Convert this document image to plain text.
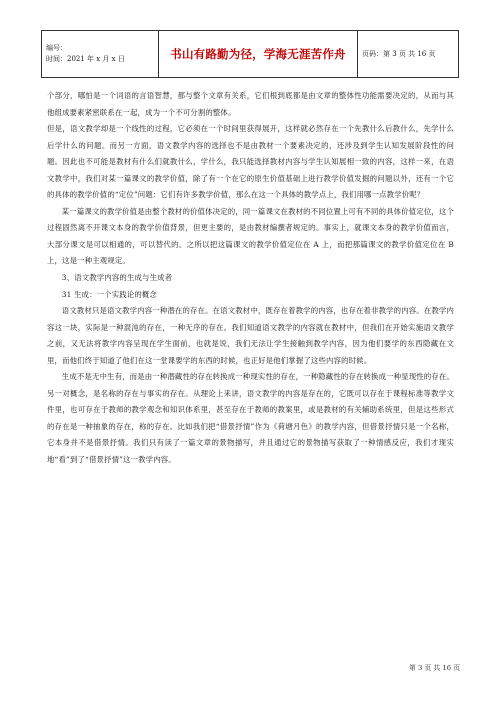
编号：
时间：2021 年 x 月 x 日	书山有路勤为径，学海无涯苦作舟	页码：第 3 页 共 16 页

个部分，哪怕是一个词语的言语智慧，都与整个文章有关系，它们根到底都是由文章的整体性功能需要决定的，从而与其他组成要素紧密联系在一起，成为一个不可分割的整体。

但是，语文教学却是一个线性的过程，它必须在一个时间里获得展开，这样就必然存在一个先教什么后教什么，先学什么后学什么的问题。而另一方面，语文教学内容的选择也不是由教材一个要素决定的，还涉及到学生认知发展阶段性的问题。因此也不可能是教材有什么们就教什么，学什么，我只能选择教材内容与学生认知展相一致的内容，这样一来，在语文教学中，我们对某一篇课文的教学价值，除了有一个在它的原生价值基础上进行教学价值发掘的问题以外，还有一个它的具体的教学价值的“定位”问题：它们有许多教学价值，那么在这一个具体的教学点上，我们用哪一点教学价呢？

某一篇课文的教学价值是由整个教材的价值体决定的，同一篇课文在教材的不同位置上可有不同的具体价值定位，这个过程固然离不开课文本身的教学价值背景，但更主要的，是由教材编撰者规定的。事实上，就课文本身的教学价值而言，大部分课文是可以相通的，可以替代的。之所以把这篇课文的教学价值定位在 A 上，而把那篇课文的教学价值定位在 B 上，这是一种主观规定。

3、语文教学内容的生成与生成者

31 生成：一个实践论的概念

语文教材只是语文教学内容一种潜在的存在。在语文教材中，既存在着教学的内容，也存在着非教学的内容。在教学内容这一块，实际是一种混沌的存在，一种无序的存在。我们知道语文教学的内容就在教材中，但我们在开始实施语文教学之前，又无法将教学内容呈现在学生面前，也就是说，我们无法让学生接触到教学内容，因为他们要学的东西隐藏在文里，而他们终于知道了他们在这一堂课要学的东西的时候，也正好是他们掌握了这些内容的时候。

生成不是无中生有，而是由一种潜藏性的存在转换成一种现实性的存在，一种隐藏性的存在转换成一种显现性的存在。另一对概念，是名称的存在与事实的存在。从理论上来讲，语文教学的内容是存在的，它既可以存在于课程标准等教学文件里，也可存在于教师的教学观念和知识体系里，甚至存在于教师的教案里，或是教材的有关辅助系统里，但是这些形式的存在是一种抽象的存在，称的存在。比如我们把“借景抒情”作为《荷塘月色》的教学内容，但借景抒情只是一个名称，它本身并不是借景抒情。我们只有读了一篇文章的景物描写，并且通过它的景物描写获取了一种情感反应，我们才现实地“看”到了“借景抒情”这一教学内容。

第 3 页 共 16 页
